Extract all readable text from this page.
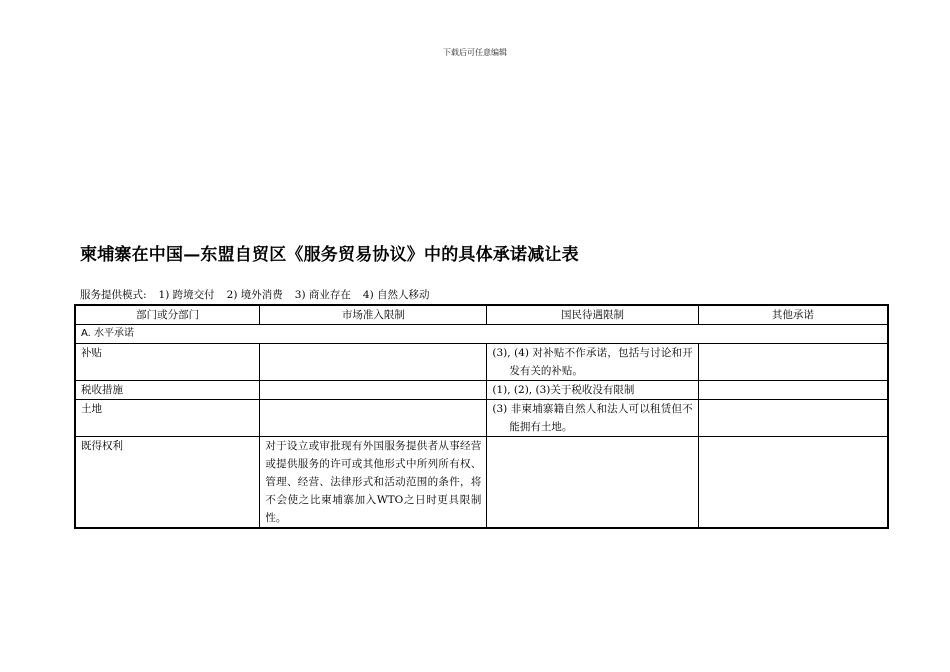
下载后可任意编辑
柬埔寨在中国—东盟自贸区《服务贸易协议》中的具体承诺减让表
服务提供模式: 1) 跨境交付 2) 境外消费 3) 商业存在 4) 自然人移动
部门或分部门	市场准入限制	国民待遇限制	其他承诺
A. 水平承诺			
补贴		(3), (4) 对补贴不作承诺，包括与讨论和开发有关的补贴。	
税收措施		(1), (2), (3)关于税收没有限制	
土地		(3) 非柬埔寨籍自然人和法人可以租赁但不能拥有土地。	
既得权利	对于设立或审批现有外国服务提供者从事经营或提供服务的许可或其他形式中所列所有权、管理、经营、法律形式和活动范围的条件，将不会使之比柬埔寨加入WTO之日时更具限制性。		
